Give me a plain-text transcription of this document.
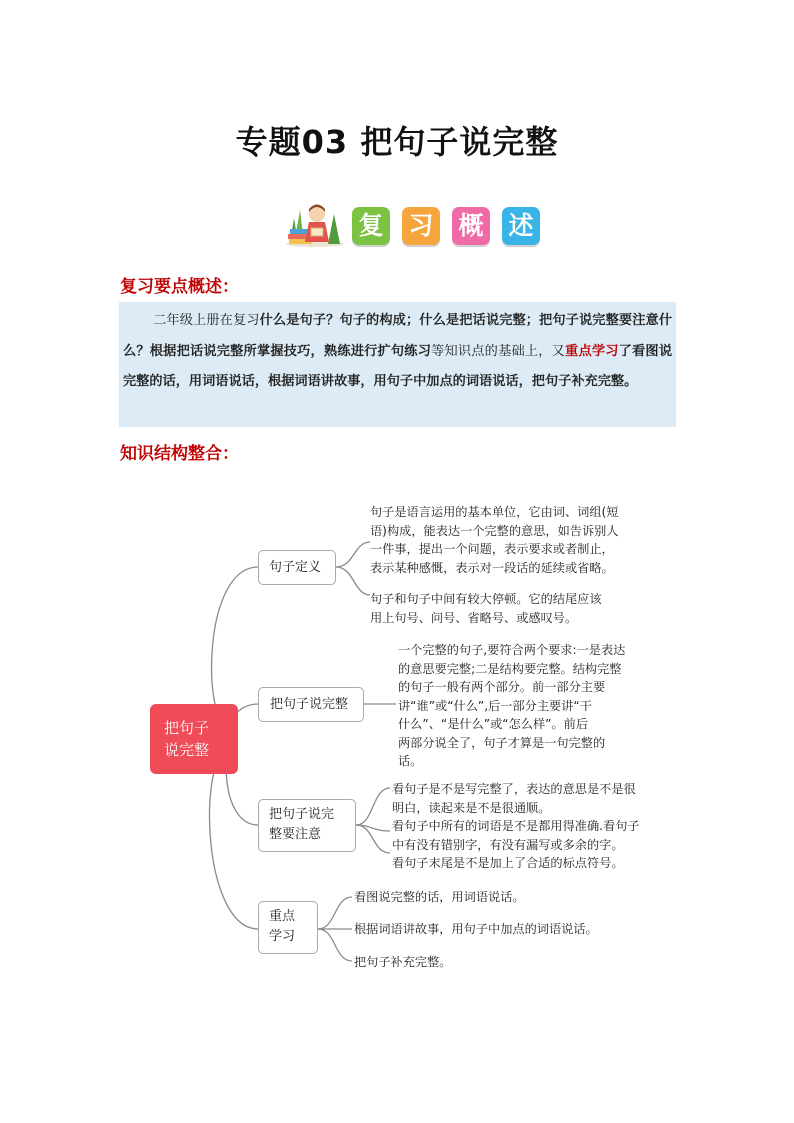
专题03 把句子说完整
复 习 概 述
复习要点概述：
二年级上册在复习什么是句子？句子的构成；什么是把话说完整；把句子说完整要注意什么？根据把话说完整所掌握技巧，熟练进行扩句练习等知识点的基础上，又重点学习了看图说完整的话，用词语说话，根据词语讲故事，用句子中加点的词语说话，把句子补充完整。
知识结构整合：
把句子
说完整
句子定义
句子是语言运用的基本单位，它由词、词组(短
语)构成，能表达一个完整的意思，如告诉别人
一件事，提出一个问题，表示要求或者制止，
表示某种感慨，表示对一段话的延续或省略。
句子和句子中间有较大停顿。它的结尾应该
用上句号、问号、省略号、或感叹号。
把句子说完整
一个完整的句子,要符合两个要求:一是表达
的意思要完整;二是结构要完整。结构完整
的句子一般有两个部分。前一部分主要
讲“谁”或“什么”,后一部分主要讲“干
什么”、“是什么”或“怎么样”。前后
两部分说全了，句子才算是一句完整的
话。
把句子说完
整要注意
看句子是不是写完整了，表达的意思是不是很
明白，读起来是不是很通顺。
看句子中所有的词语是不是都用得准确.看句子
中有没有错别字，有没有漏写或多余的字。
看句子末尾是不是加上了合适的标点符号。
重点
学习
看图说完整的话，用词语说话。
根据词语讲故事，用句子中加点的词语说话。
把句子补充完整。
